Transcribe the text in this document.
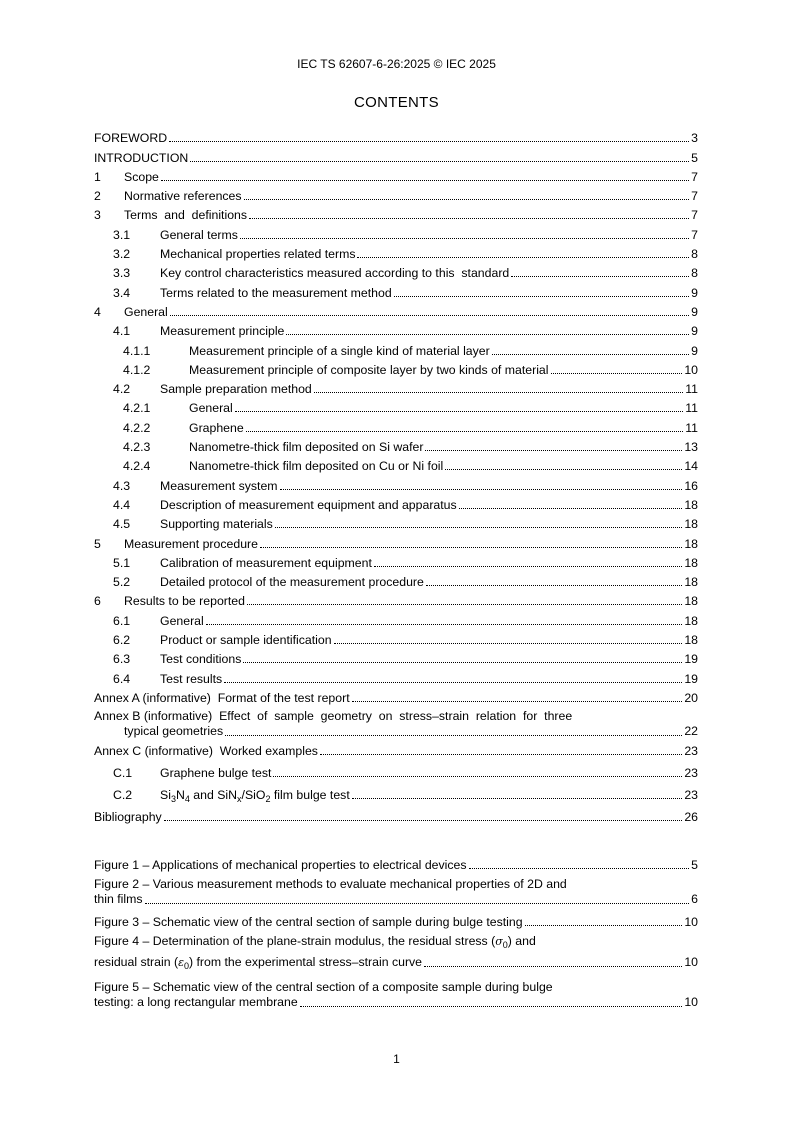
IEC TS 62607-6-26:2025 © IEC 2025
CONTENTS
FOREWORD	3
INTRODUCTION	5
1	Scope	7
2	Normative references	7
3	Terms  and  definitions	7
3.1	General terms	7
3.2	Mechanical properties related terms	8
3.3	Key control characteristics measured according to this  standard	8
3.4	Terms related to the measurement method	9
4	General	9
4.1	Measurement principle	9
4.1.1	Measurement principle of a single kind of material layer	9
4.1.2	Measurement principle of composite layer by two kinds of material	10
4.2	Sample preparation method	11
4.2.1	General	11
4.2.2	Graphene	11
4.2.3	Nanometre-thick film deposited on Si wafer	13
4.2.4	Nanometre-thick film deposited on Cu or Ni foil	14
4.3	Measurement system	16
4.4	Description of measurement equipment and apparatus	18
4.5	Supporting materials	18
5	Measurement procedure	18
5.1	Calibration of measurement equipment	18
5.2	Detailed protocol of the measurement procedure	18
6	Results to be reported	18
6.1	General	18
6.2	Product or sample identification	18
6.3	Test conditions	19
6.4	Test results	19
Annex A (informative)  Format of the test report	20
Annex B (informative)  Effect  of  sample  geometry  on  stress–strain  relation  for  three
typical geometries	22
Annex C (informative)  Worked examples	23
C.1	Graphene bulge test	23
C.2	$Si_3N_4$ and SiN$_x$/SiO$_2$ film bulge test	23
Bibliography	26
Figure 1 – Applications of mechanical properties to electrical devices	5
Figure 2 – Various measurement methods to evaluate mechanical properties of 2D and
thin films	6
Figure 3 – Schematic view of the central section of sample during bulge testing	10
Figure 4 – Determination of the plane-strain modulus, the residual stress $(\sigma_0)$ and
residual strain $(\varepsilon_0)$ from the experimental stress–strain curve	10
Figure 5 – Schematic view of the central section of a composite sample during bulge
testing: a long rectangular membrane	10
1
